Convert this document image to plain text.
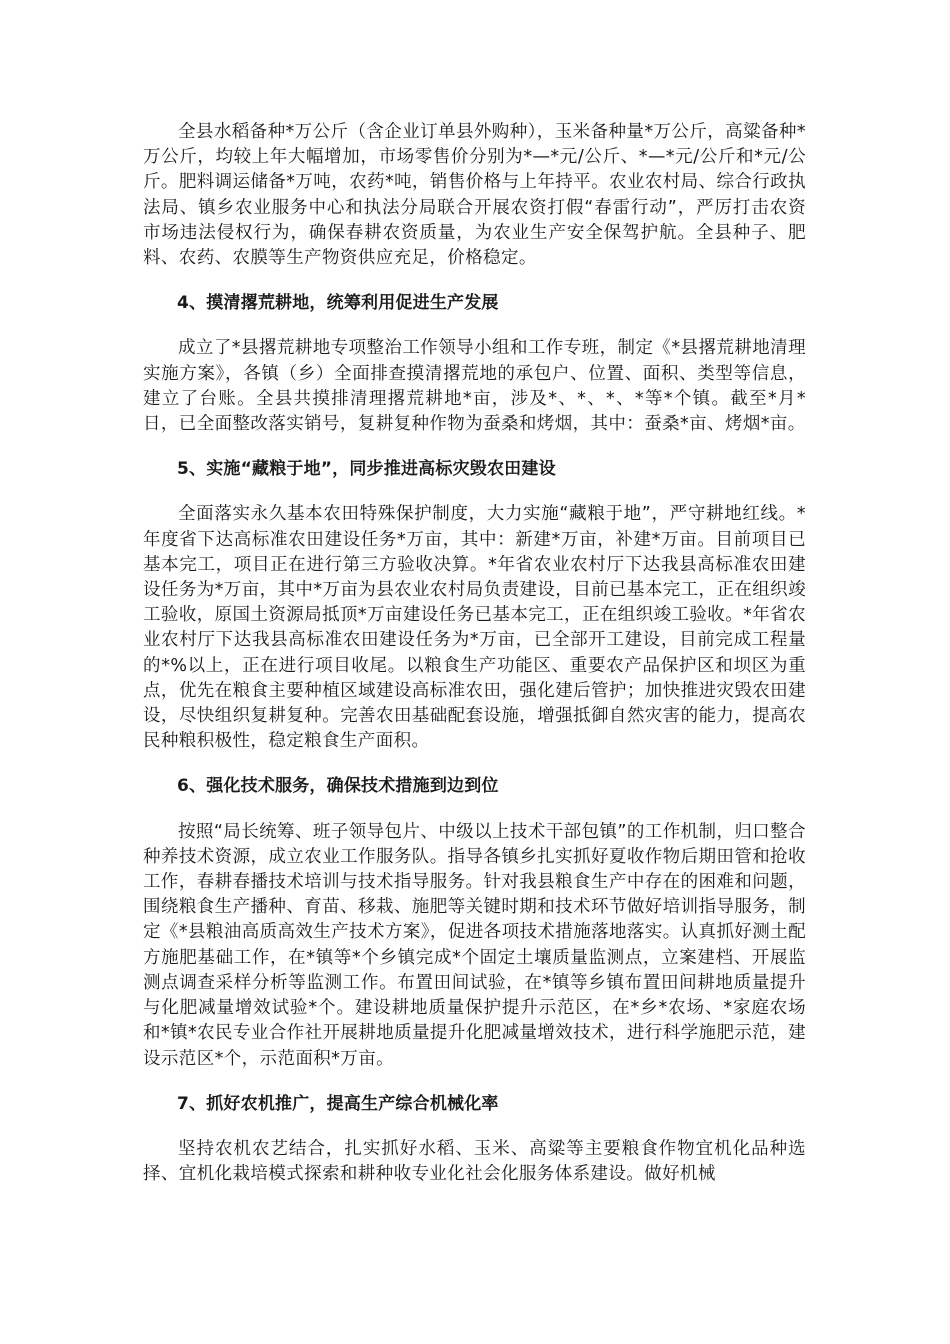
全县水稻备种*万公斤（含企业订单县外购种），玉米备种量*万公斤，高粱备种*万公斤，均较上年大幅增加，市场零售价分别为*—*元/公斤、*—*元/公斤和*元/公斤。肥料调运储备*万吨，农药*吨，销售价格与上年持平。农业农村局、综合行政执法局、镇乡农业服务中心和执法分局联合开展农资打假“春雷行动”，严厉打击农资市场违法侵权行为，确保春耕农资质量，为农业生产安全保驾护航。全县种子、肥料、农药、农膜等生产物资供应充足，价格稳定。

4、摸清撂荒耕地，统筹利用促进生产发展

成立了*县撂荒耕地专项整治工作领导小组和工作专班，制定《*县撂荒耕地清理实施方案》，各镇（乡）全面排查摸清撂荒地的承包户、位置、面积、类型等信息，建立了台账。全县共摸排清理撂荒耕地*亩，涉及*、*、*、*等*个镇。截至*月*日，已全面整改落实销号，复耕复种作物为蚕桑和烤烟，其中：蚕桑*亩、烤烟*亩。

5、实施“藏粮于地”，同步推进高标灾毁农田建设

全面落实永久基本农田特殊保护制度，大力实施“藏粮于地”，严守耕地红线。*年度省下达高标准农田建设任务*万亩，其中：新建*万亩，补建*万亩。目前项目已基本完工，项目正在进行第三方验收决算。*年省农业农村厅下达我县高标准农田建设任务为*万亩，其中*万亩为县农业农村局负责建设，目前已基本完工，正在组织竣工验收，原国土资源局抵顶*万亩建设任务已基本完工，正在组织竣工验收。*年省农业农村厅下达我县高标准农田建设任务为*万亩，已全部开工建设，目前完成工程量的*%以上，正在进行项目收尾。以粮食生产功能区、重要农产品保护区和坝区为重点，优先在粮食主要种植区域建设高标准农田，强化建后管护；加快推进灾毁农田建设，尽快组织复耕复种。完善农田基础配套设施，增强抵御自然灾害的能力，提高农民种粮积极性，稳定粮食生产面积。

6、强化技术服务，确保技术措施到边到位

按照“局长统筹、班子领导包片、中级以上技术干部包镇”的工作机制，归口整合种养技术资源，成立农业工作服务队。指导各镇乡扎实抓好夏收作物后期田管和抢收工作，春耕春播技术培训与技术指导服务。针对我县粮食生产中存在的困难和问题，围绕粮食生产播种、育苗、移栽、施肥等关键时期和技术环节做好培训指导服务，制定《*县粮油高质高效生产技术方案》，促进各项技术措施落地落实。认真抓好测土配方施肥基础工作，在*镇等*个乡镇完成*个固定土壤质量监测点，立案建档、开展监测点调查采样分析等监测工作。布置田间试验，在*镇等乡镇布置田间耕地质量提升与化肥减量增效试验*个。建设耕地质量保护提升示范区，在*乡*农场、*家庭农场和*镇*农民专业合作社开展耕地质量提升化肥减量增效技术，进行科学施肥示范，建设示范区*个，示范面积*万亩。

7、抓好农机推广，提高生产综合机械化率

坚持农机农艺结合，扎实抓好水稻、玉米、高粱等主要粮食作物宜机化品种选择、宜机化栽培模式探索和耕种收专业化社会化服务体系建设。做好机械
